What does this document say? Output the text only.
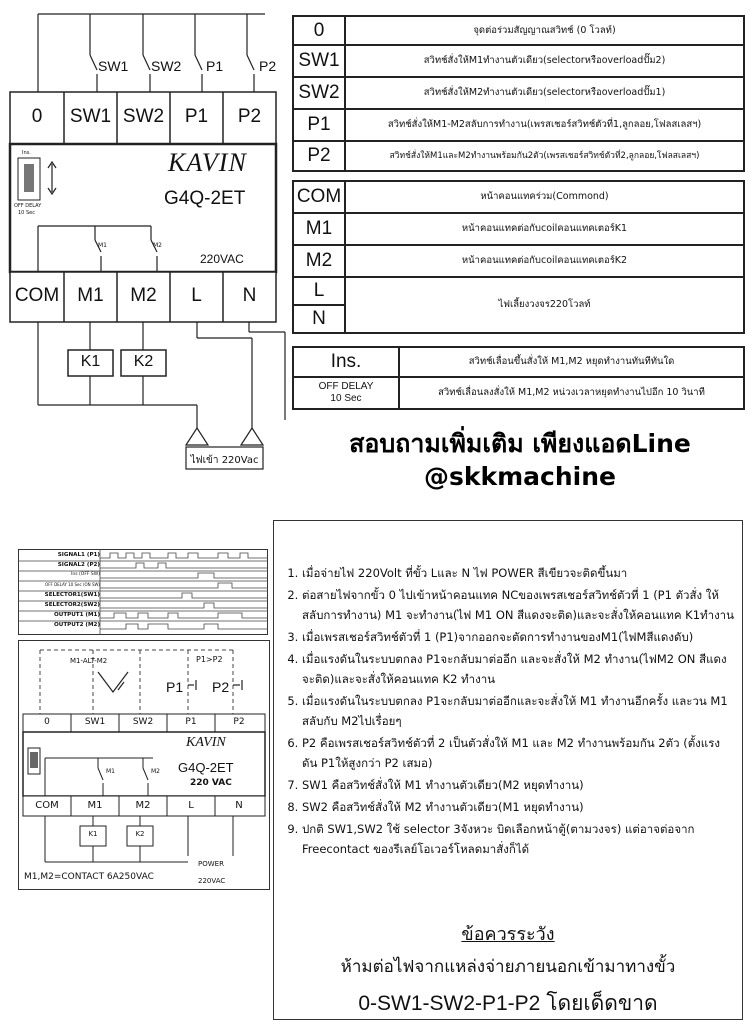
SW1 SW2 P1	P2
0	SW1 SW2	P1	P2
Ins.
OFF DELAY
10 Sec
KAVIN
G4Q-2ET
220VAC
M1	M2
COM M1	M2	L	N
K1	K2
ไฟเข้า 220Vac
0	จุดต่อร่วมสัญญาณสวิทช์ (0 โวลท์)
SW1	สวิทช์สั่งให้M1ทำงานตัวเดียว(selectorหรือoverloadปั๊ม2)
SW2	สวิทช์สั่งให้M2ทำงานตัวเดียว(selectorหรือoverloadปั๊ม1)
P1	สวิทช์สั่งให้M1-M2สลับการทำงาน(เพรสเชอร์สวิทช์ตัวที่1,ลูกลอย,โฟลสเลสฯ)
P2	สวิทช์สั่งให้M1และM2ทำงานพร้อมกัน2ตัว(เพรสเชอร์สวิทช์ตัวที่2,ลูกลอย,โฟลสเลสฯ)
COM	หน้าคอนแทคร่วม(Commond)
M1	หน้าคอนแทคต่อกับcoilคอนแทคเตอร์K1
M2	หน้าคอนแทคต่อกับcoilคอนแทคเตอร์K2
L	ไฟเลี้ยงวงจร220โวลท์
N	
Ins.	สวิทช์เลื่อนขึ้นสั่งให้ M1,M2 หยุดทำงานทันทีทันใด
OFF DELAY
10 Sec	สวิทช์เลื่อนลงสั่งให้ M1,M2 หน่วงเวลาหยุดทำงานไปอีก 10 วินาที
สอบถามเพิ่มเติม เพียงแอดLine
@skkmachine
SIGNAL1 (P1)
SIGNAL2 (P2)
Ins (OFF SW)
OFF DELAY 10 Sec (ON SW)
SELECTOR1(SW1)
SELECTOR2(SW2)
OUTPUT1 (M1)
OUTPUT2 (M2)
M1-ALT-M2	P1>P2
P1 P2
0	SW1	SW2	P1	P2
KAVIN
G4Q-2ET
220 VAC
M1	M2
COM	M1	M2	L	N
K1	K2
POWER
220VAC
M1,M2=CONTACT 6A250VAC
1. เมื่อจ่ายไฟ 220Volt ที่ขั้ว Lและ N ไฟ POWER สีเขียวจะติดขึ้นมา
2. ต่อสายไฟจากขั้ว 0 ไปเข้าหน้าคอนแทค NCของเพรสเชอร์สวิทช์ตัวที่ 1 (P1 ตัวสั่ง ให้สลับการทำงาน) M1 จะทำงาน(ไฟ M1 ON สีแดงจะติด)และจะสั่งให้คอนแทค K1ทำงาน
3. เมื่อเพรสเชอร์สวิทช์ตัวที่ 1 (P1)จากออกจะตัดการทำงานของM1(ไฟMสีแดงดับ)
4. เมื่อแรงดันในระบบตกลง P1จะกลับมาต่ออีก และจะสั่งให้ M2 ทำงาน(ไฟM2 ON สีแดงจะติด)และจะสั่งให้คอนแทค K2 ทำงาน
5. เมื่อแรงดันในระบบตกลง P1จะกลับมาต่ออีกและจะสั่งให้ M1 ทำงานอีกครั้ง และวน M1 สลับกับ M2ไปเรื่อยๆ
6. P2 คือเพรสเชอร์สวิทช์ตัวที่ 2 เป็นตัวสั่งให้ M1 และ M2 ทำงานพร้อมกัน 2ตัว (ตั้งแรงดัน P1ให้สูงกว่า P2 เสมอ)
7. SW1 คือสวิทช์สั่งให้ M1 ทำงานตัวเดียว(M2 หยุดทำงาน)
8. SW2 คือสวิทช์สั่งให้ M2 ทำงานตัวเดียว(M1 หยุดทำงาน)
9. ปกติ SW1,SW2 ใช้ selector 3จังหวะ บิดเลือกหน้าตู้(ตามวงจร) แต่อาจต่อจาก Freecontact ของรีเลย์โอเวอร์โหลดมาสั่งก็ได้
ข้อควรระวัง
ห้ามต่อไฟจากแหล่งจ่ายภายนอกเข้ามาทางขั้ว
0-SW1-SW2-P1-P2 โดยเด็ดขาด
